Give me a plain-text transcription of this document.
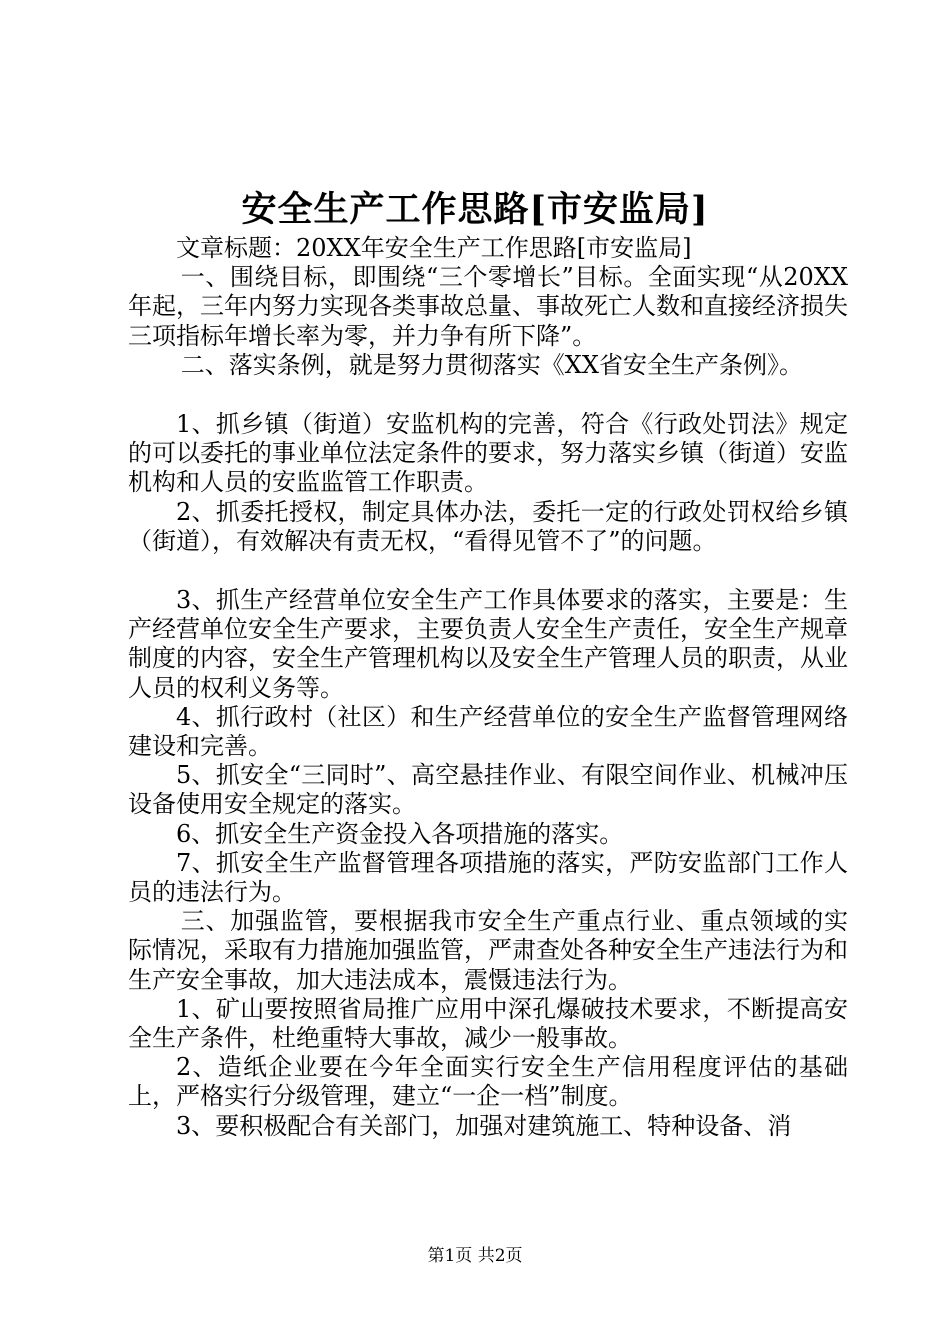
安全生产工作思路[市安监局]

文章标题：20XX年安全生产工作思路[市安监局]

一、围绕目标，即围绕“三个零增长”目标。全面实现“从20XX年起，三年内努力实现各类事故总量、事故死亡人数和直接经济损失三项指标年增长率为零，并力争有所下降”。

二、落实条例，就是努力贯彻落实《XX省安全生产条例》。

1、抓乡镇（街道）安监机构的完善，符合《行政处罚法》规定的可以委托的事业单位法定条件的要求，努力落实乡镇（街道）安监机构和人员的安监监管工作职责。

2、抓委托授权，制定具体办法，委托一定的行政处罚权给乡镇（街道），有效解决有责无权，“看得见管不了”的问题。

3、抓生产经营单位安全生产工作具体要求的落实，主要是：生产经营单位安全生产要求，主要负责人安全生产责任，安全生产规章制度的内容，安全生产管理机构以及安全生产管理人员的职责，从业人员的权利义务等。

4、抓行政村（社区）和生产经营单位的安全生产监督管理网络建设和完善。

5、抓安全“三同时”、高空悬挂作业、有限空间作业、机械冲压设备使用安全规定的落实。

6、抓安全生产资金投入各项措施的落实。

7、抓安全生产监督管理各项措施的落实，严防安监部门工作人员的违法行为。

三、加强监管，要根据我市安全生产重点行业、重点领域的实际情况，采取有力措施加强监管，严肃查处各种安全生产违法行为和生产安全事故，加大违法成本，震慑违法行为。

1、矿山要按照省局推广应用中深孔爆破技术要求，不断提高安全生产条件，杜绝重特大事故，减少一般事故。

2、造纸企业要在今年全面实行安全生产信用程度评估的基础上，严格实行分级管理，建立“一企一档”制度。

3、要积极配合有关部门，加强对建筑施工、特种设备、消

第1页 共2页
